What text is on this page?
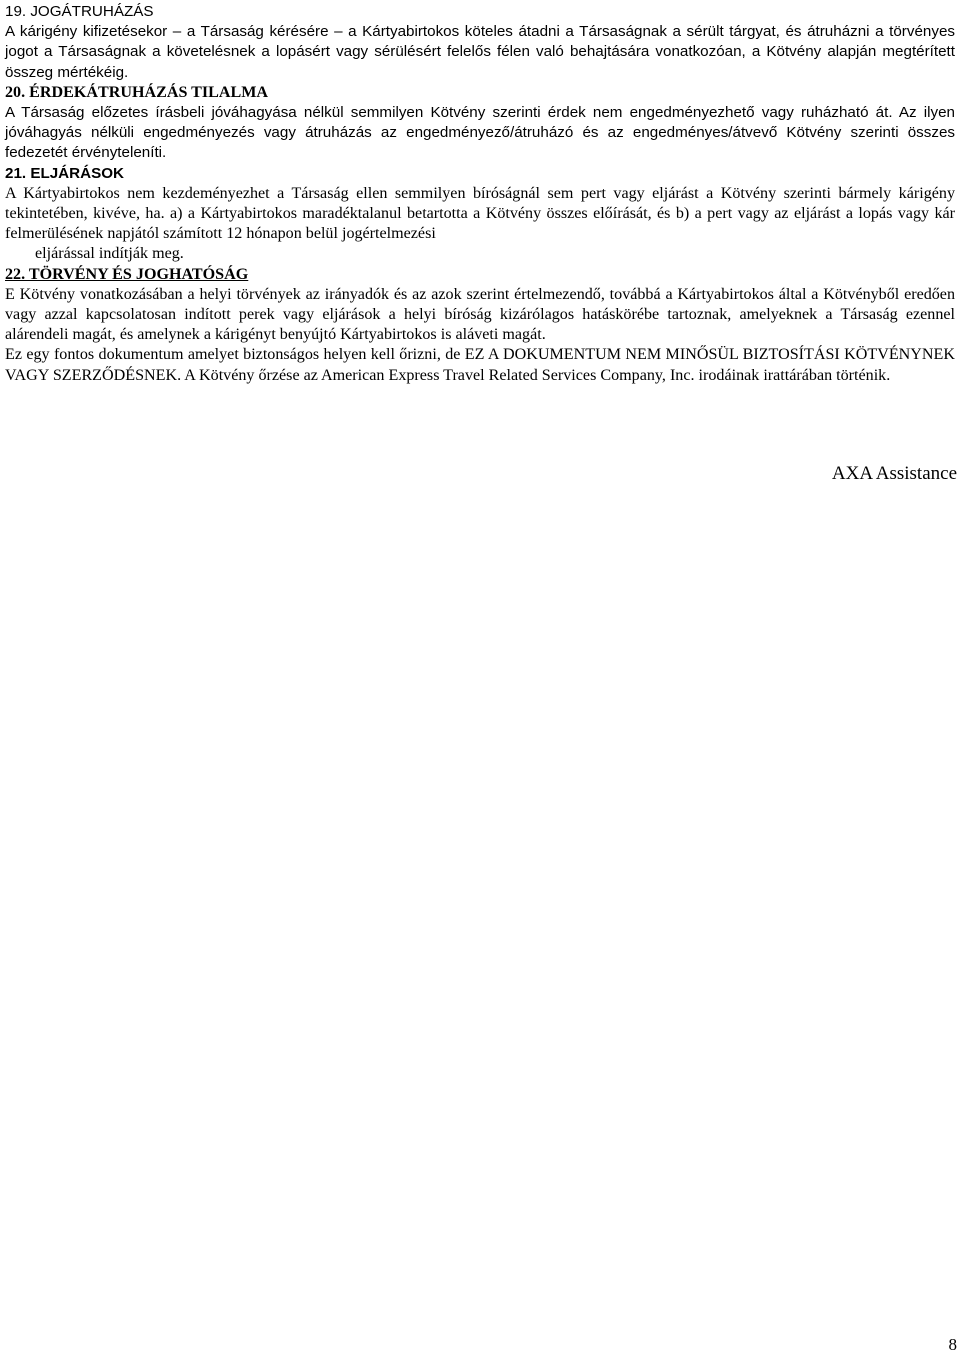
19. JOGÁTRUHÁZÁS

A kárigény kifizetésekor – a Társaság kérésére – a Kártyabirtokos köteles átadni a Társaságnak a sérült tárgyat, és átruházni a törvényes jogot a Társaságnak a követelésnek a lopásért vagy sérülésért felelős félen való behajtására vonatkozóan, a Kötvény alapján megtérített összeg mértékéig.

20. ÉRDEKÁTRUHÁZÁS TILALMA

A Társaság előzetes írásbeli jóváhagyása nélkül semmilyen Kötvény szerinti érdek nem engedményezhető vagy ruházható át. Az ilyen jóváhagyás nélküli engedményezés vagy átruházás az engedményező/átruházó és az engedményes/átvevő Kötvény szerinti összes fedezetét érvényteleníti.

21. ELJÁRÁSOK

A Kártyabirtokos nem kezdeményezhet a Társaság ellen semmilyen bíróságnál sem pert vagy eljárást a Kötvény szerinti bármely kárigény tekintetében, kivéve, ha. a) a Kártyabirtokos maradéktalanul betartotta a Kötvény összes előírását, és b) a pert vagy az eljárást a lopás vagy kár felmerülésének napjától számított 12 hónapon belül jogértelmezési

eljárással indítják meg.

22. TÖRVÉNY ÉS JOGHATÓSÁG

E Kötvény vonatkozásában a helyi törvények az irányadók és az azok szerint értelmezendő, továbbá a Kártyabirtokos által a Kötvényből eredően vagy azzal kapcsolatosan indított perek vagy eljárások a helyi bíróság kizárólagos hatáskörébe tartoznak, amelyeknek a Társaság ezennel alárendeli magát, és amelynek a kárigényt benyújtó Kártyabirtokos is aláveti magát.

Ez egy fontos dokumentum amelyet biztonságos helyen kell őrizni, de EZ A DOKUMENTUM NEM MINŐSÜL BIZTOSÍTÁSI KÖTVÉNYNEK VAGY SZERZŐDÉSNEK. A Kötvény őrzése az American Express Travel Related Services Company, Inc. irodáinak irattárában történik.

AXA Assistance
8
